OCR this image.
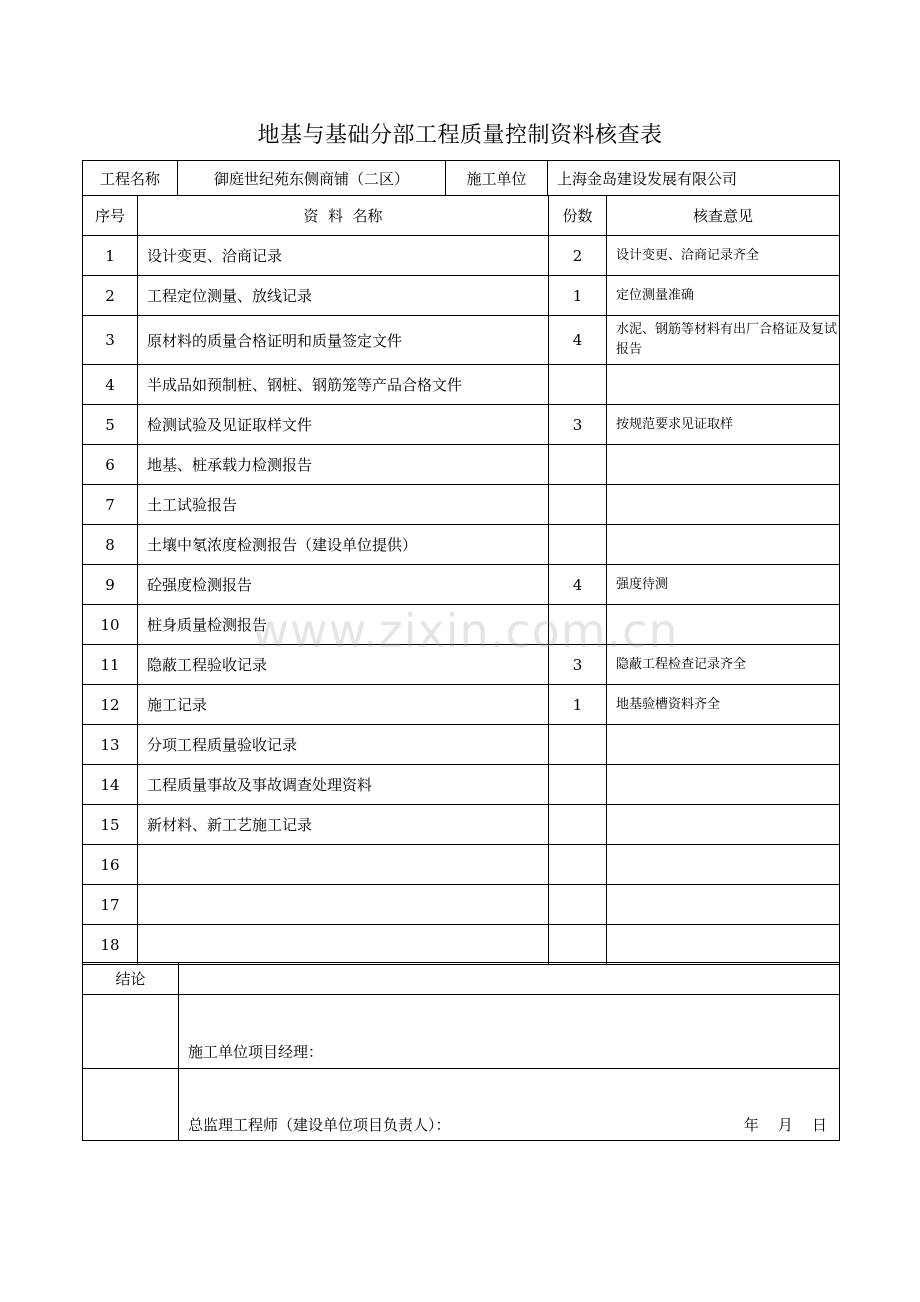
地基与基础分部工程质量控制资料核查表
工程名称	御庭世纪苑东侧商铺（二区）	施工单位	上海金岛建设发展有限公司
序号	资  料  名称	份数	核查意见
1	设计变更、洽商记录	2	设计变更、洽商记录齐全
2	工程定位测量、放线记录	1	定位测量准确
3	原材料的质量合格证明和质量签定文件	4	水泥、钢筋等材料有出厂合格证及复试报告
4	半成品如预制桩、钢桩、钢筋笼等产品合格文件		
5	检测试验及见证取样文件	3	按规范要求见证取样
6	地基、桩承载力检测报告		
7	土工试验报告		
8	土壤中氡浓度检测报告（建设单位提供）		
9	砼强度检测报告	4	强度待测
10	桩身质量检测报告		
11	隐蔽工程验收记录	3	隐蔽工程检查记录齐全
12	施工记录	1	地基验槽资料齐全
13	分项工程质量验收记录		
14	工程质量事故及事故调查处理资料		
15	新材料、新工艺施工记录		
16			
17			
18			
结论	
	施工单位项目经理：
	总监理工程师（建设单位项目负责人）： 年    月    日
www.zixin.com.cn
